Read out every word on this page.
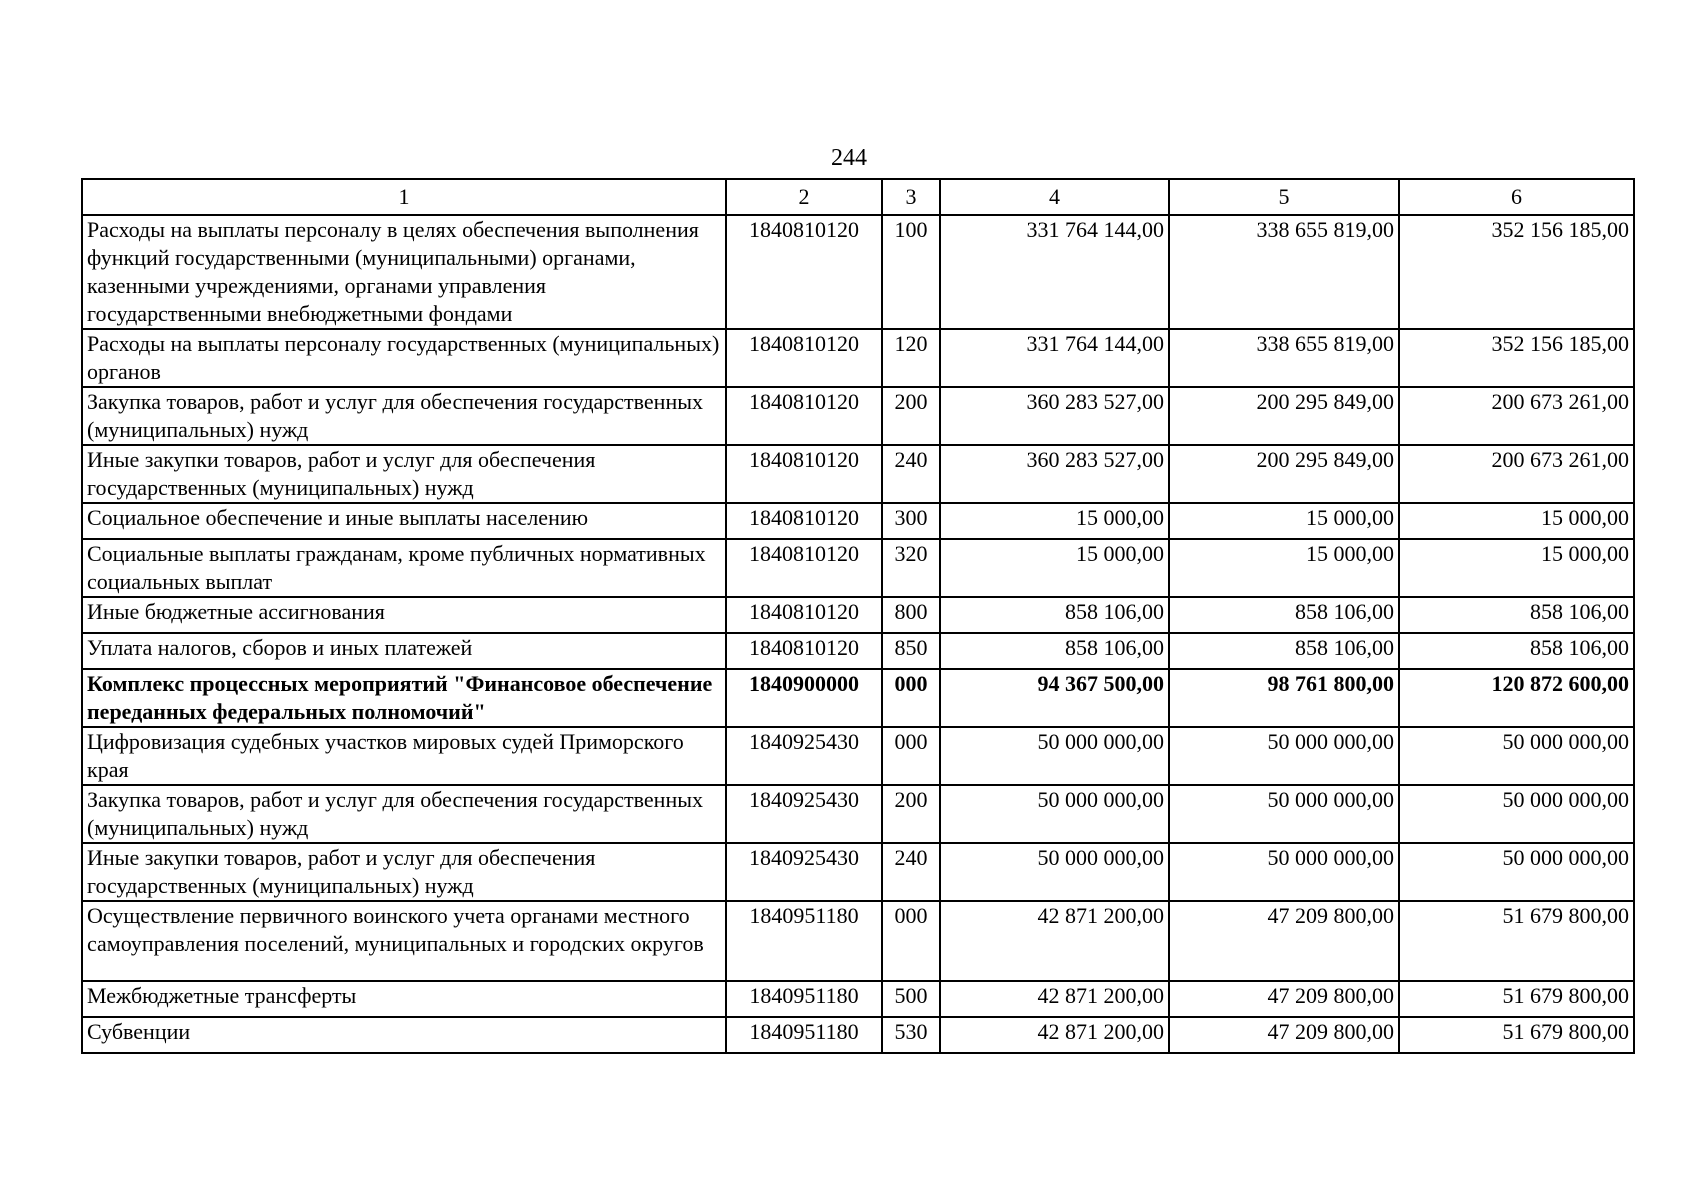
244
1	2	3	4	5	6
Расходы на выплаты персоналу в целях обеспечения выполнения функций государственными (муниципальными) органами, казенными учреждениями, органами управления государственными внебюджетными фондами	1840810120	100	331 764 144,00	338 655 819,00	352 156 185,00
Расходы на выплаты персоналу государственных (муниципальных) органов	1840810120	120	331 764 144,00	338 655 819,00	352 156 185,00
Закупка товаров, работ и услуг для обеспечения государственных (муниципальных) нужд	1840810120	200	360 283 527,00	200 295 849,00	200 673 261,00
Иные закупки товаров, работ и услуг для обеспечения государственных (муниципальных) нужд	1840810120	240	360 283 527,00	200 295 849,00	200 673 261,00
Социальное обеспечение и иные выплаты населению	1840810120	300	15 000,00	15 000,00	15 000,00
Социальные выплаты гражданам, кроме публичных нормативных социальных выплат	1840810120	320	15 000,00	15 000,00	15 000,00
Иные бюджетные ассигнования	1840810120	800	858 106,00	858 106,00	858 106,00
Уплата налогов, сборов и иных платежей	1840810120	850	858 106,00	858 106,00	858 106,00
Комплекс процессных мероприятий "Финансовое обеспечение переданных федеральных полномочий"	1840900000	000	94 367 500,00	98 761 800,00	120 872 600,00
Цифровизация судебных участков мировых судей Приморского края	1840925430	000	50 000 000,00	50 000 000,00	50 000 000,00
Закупка товаров, работ и услуг для обеспечения государственных (муниципальных) нужд	1840925430	200	50 000 000,00	50 000 000,00	50 000 000,00
Иные закупки товаров, работ и услуг для обеспечения государственных (муниципальных) нужд	1840925430	240	50 000 000,00	50 000 000,00	50 000 000,00
Осуществление первичного воинского учета органами местного самоуправления поселений, муниципальных и городских округов	1840951180	000	42 871 200,00	47 209 800,00	51 679 800,00
Межбюджетные трансферты	1840951180	500	42 871 200,00	47 209 800,00	51 679 800,00
Субвенции	1840951180	530	42 871 200,00	47 209 800,00	51 679 800,00
